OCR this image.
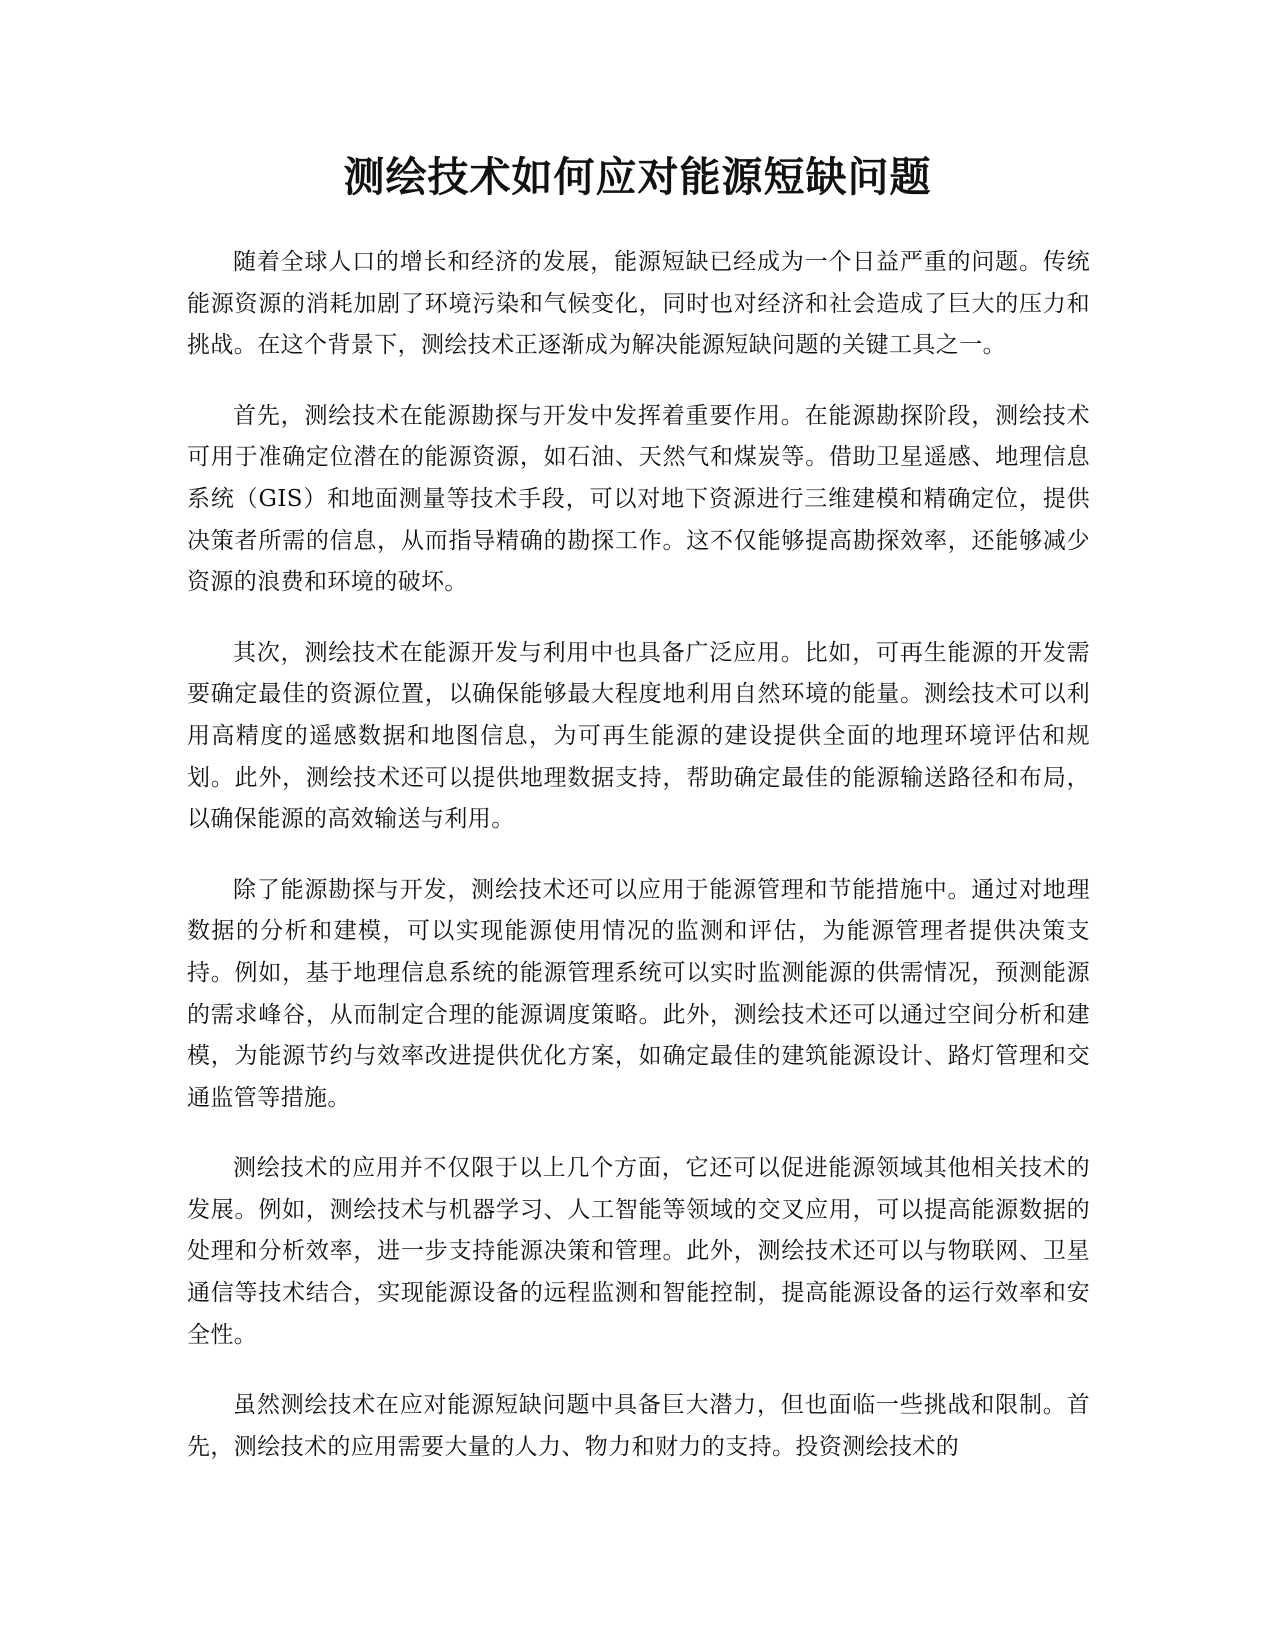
测绘技术如何应对能源短缺问题

随着全球人口的增长和经济的发展，能源短缺已经成为一个日益严重的问题。传统能源资源的消耗加剧了环境污染和气候变化，同时也对经济和社会造成了巨大的压力和挑战。在这个背景下，测绘技术正逐渐成为解决能源短缺问题的关键工具之一。

首先，测绘技术在能源勘探与开发中发挥着重要作用。在能源勘探阶段，测绘技术可用于准确定位潜在的能源资源，如石油、天然气和煤炭等。借助卫星遥感、地理信息系统（GIS）和地面测量等技术手段，可以对地下资源进行三维建模和精确定位，提供决策者所需的信息，从而指导精确的勘探工作。这不仅能够提高勘探效率，还能够减少资源的浪费和环境的破坏。

其次，测绘技术在能源开发与利用中也具备广泛应用。比如，可再生能源的开发需要确定最佳的资源位置，以确保能够最大程度地利用自然环境的能量。测绘技术可以利用高精度的遥感数据和地图信息，为可再生能源的建设提供全面的地理环境评估和规划。此外，测绘技术还可以提供地理数据支持，帮助确定最佳的能源输送路径和布局，以确保能源的高效输送与利用。

除了能源勘探与开发，测绘技术还可以应用于能源管理和节能措施中。通过对地理数据的分析和建模，可以实现能源使用情况的监测和评估，为能源管理者提供决策支持。例如，基于地理信息系统的能源管理系统可以实时监测能源的供需情况，预测能源的需求峰谷，从而制定合理的能源调度策略。此外，测绘技术还可以通过空间分析和建模，为能源节约与效率改进提供优化方案，如确定最佳的建筑能源设计、路灯管理和交通监管等措施。

测绘技术的应用并不仅限于以上几个方面，它还可以促进能源领域其他相关技术的发展。例如，测绘技术与机器学习、人工智能等领域的交叉应用，可以提高能源数据的处理和分析效率，进一步支持能源决策和管理。此外，测绘技术还可以与物联网、卫星通信等技术结合，实现能源设备的远程监测和智能控制，提高能源设备的运行效率和安全性。

虽然测绘技术在应对能源短缺问题中具备巨大潜力，但也面临一些挑战和限制。首先，测绘技术的应用需要大量的人力、物力和财力的支持。投资测绘技术的
